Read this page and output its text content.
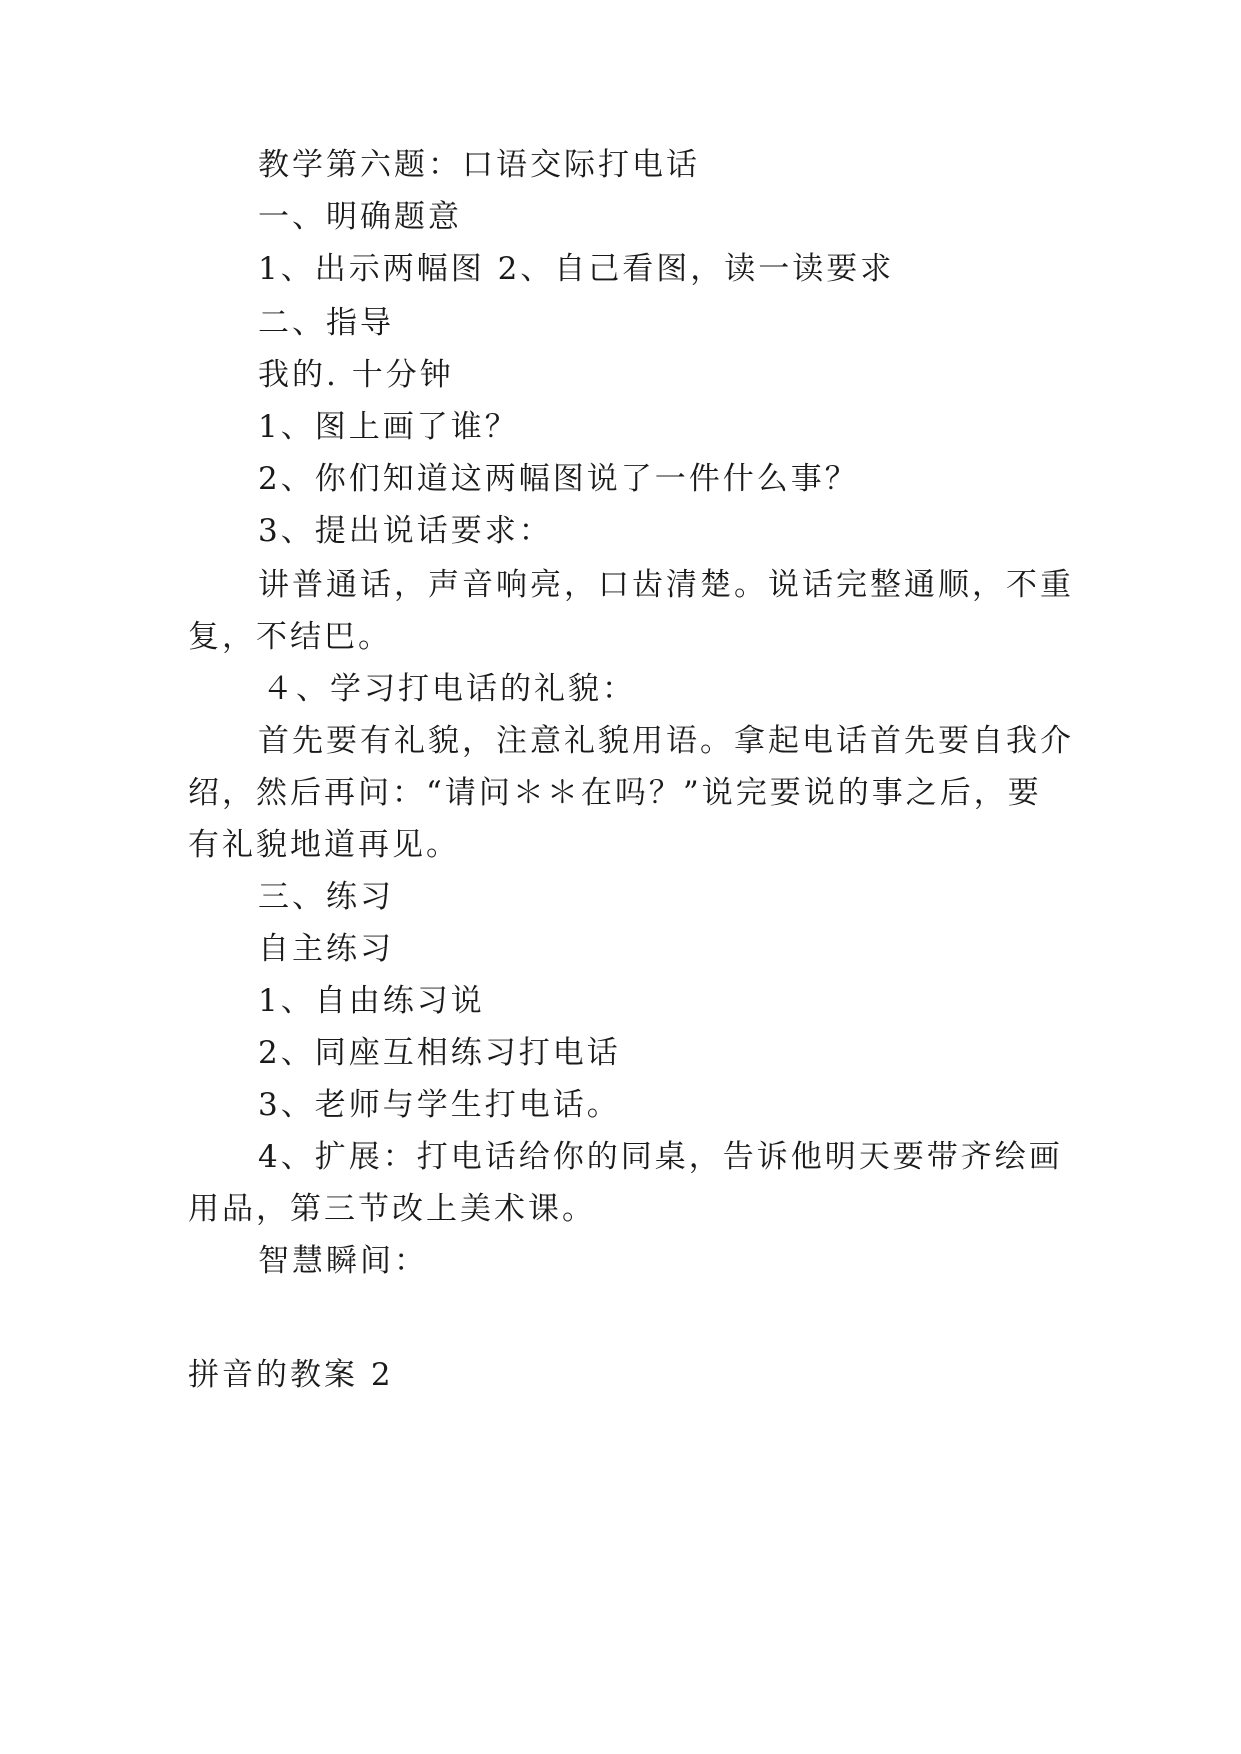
教学第六题：口语交际打电话
一、明确题意
1、出示两幅图 2、自己看图，读一读要求
二、指导
我的. 十分钟
1、图上画了谁？
2、你们知道这两幅图说了一件什么事？
3、提出说话要求：
讲普通话，声音响亮，口齿清楚。说话完整通顺，不重
复，不结巴。
４、学习打电话的礼貌：
首先要有礼貌，注意礼貌用语。拿起电话首先要自我介
绍，然后再问：“请问＊＊在吗？”说完要说的事之后，要
有礼貌地道再见。
三、练习
自主练习
1、自由练习说
2、同座互相练习打电话
3、老师与学生打电话。
4、扩展：打电话给你的同桌，告诉他明天要带齐绘画
用品，第三节改上美术课。
智慧瞬间：
拼音的教案 2
